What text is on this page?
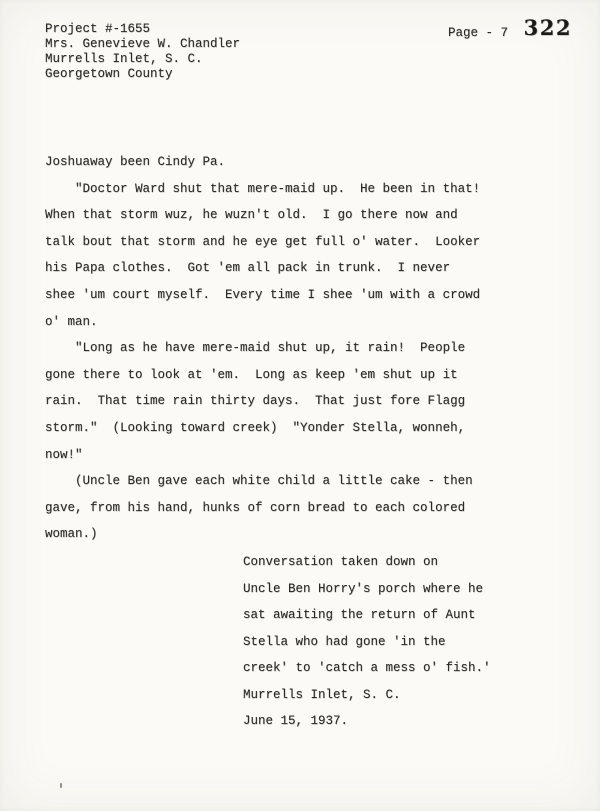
Project #-1655
Mrs. Genevieve W. Chandler
Murrells Inlet, S. C.
Georgetown County
Page - 7 322
Joshuaway been Cindy Pa.
"Doctor Ward shut that mere-maid up.  He been in that!
When that storm wuz, he wuzn't old.  I go there now and
talk bout that storm and he eye get full o' water.  Looker
his Papa clothes.  Got 'em all pack in trunk.  I never
shee 'um court myself.  Every time I shee 'um with a crowd
o' man.
"Long as he have mere-maid shut up, it rain!  People
gone there to look at 'em.  Long as keep 'em shut up it
rain.  That time rain thirty days.  That just fore Flagg
storm."  (Looking toward creek)  "Yonder Stella, wonneh,
now!"
(Uncle Ben gave each white child a little cake - then
gave, from his hand, hunks of corn bread to each colored
woman.)
Conversation taken down on
Uncle Ben Horry's porch where he
sat awaiting the return of Aunt
Stella who had gone 'in the
creek' to 'catch a mess o' fish.'
Murrells Inlet, S. C.
June 15, 1937.
